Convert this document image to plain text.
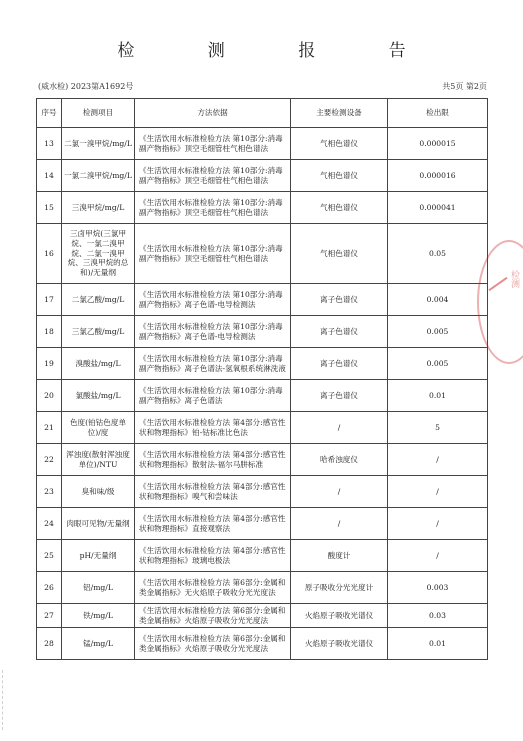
检 测 报 告
(威水检) 2023第A1692号	共5页 第2页
序号	检测项目	方法依据	主要检测设备	检出限
13	二氯一溴甲烷/mg/L	《生活饮用水标准检验方法 第10部分:消毒副产物指标》顶空毛细管柱气相色谱法	气相色谱仪	0.000015
14	一氯二溴甲烷/mg/L	《生活饮用水标准检验方法 第10部分:消毒副产物指标》顶空毛细管柱气相色谱法	气相色谱仪	0.000016
15	三溴甲烷/mg/L	《生活饮用水标准检验方法 第10部分:消毒副产物指标》顶空毛细管柱气相色谱法	气相色谱仪	0.000041
16	三卤甲烷(三氯甲烷、一氯二溴甲烷、二氯一溴甲烷、三溴甲烷的总和)/无量纲	《生活饮用水标准检验方法 第10部分:消毒副产物指标》顶空毛细管柱气相色谱法	气相色谱仪	0.05
17	二氯乙酸/mg/L	《生活饮用水标准检验方法 第10部分:消毒副产物指标》离子色谱-电导检测法	离子色谱仪	0.004
18	三氯乙酸/mg/L	《生活饮用水标准检验方法 第10部分:消毒副产物指标》离子色谱-电导检测法	离子色谱仪	0.005
19	溴酸盐/mg/L	《生活饮用水标准检验方法 第10部分:消毒副产物指标》离子色谱法-氢氧根系统淋洗液	离子色谱仪	0.005
20	氯酸盐/mg/L	《生活饮用水标准检验方法 第10部分:消毒副产物指标》离子色谱法	离子色谱仪	0.01
21	色度(铂钴色度单位)/度	《生活饮用水标准检验方法 第4部分:感官性状和物理指标》铂-钴标准比色法	/	5
22	浑浊度(散射浑浊度单位)/NTU	《生活饮用水标准检验方法 第4部分:感官性状和物理指标》散射法-福尔马肼标准	哈希浊度仪	/
23	臭和味/级	《生活饮用水标准检验方法 第4部分:感官性状和物理指标》嗅气和尝味法	/	/
24	肉眼可见物/无量纲	《生活饮用水标准检验方法 第4部分:感官性状和物理指标》直接观察法	/	/
25	pH/无量纲	《生活饮用水标准检验方法 第4部分:感官性状和物理指标》玻璃电极法	酸度计	/
26	铝/mg/L	《生活饮用水标准检验方法 第6部分:金属和类金属指标》无火焰原子吸收分光光度法	原子吸收分光光度计	0.003
27	铁/mg/L	《生活饮用水标准检验方法 第6部分:金属和类金属指标》火焰原子吸收分光光度法	火焰原子吸收光谱仪	0.03
28	锰/mg/L	《生活饮用水标准检验方法 第6部分:金属和类金属指标》火焰原子吸收分光光度法	火焰原子吸收光谱仪	0.01
检测
